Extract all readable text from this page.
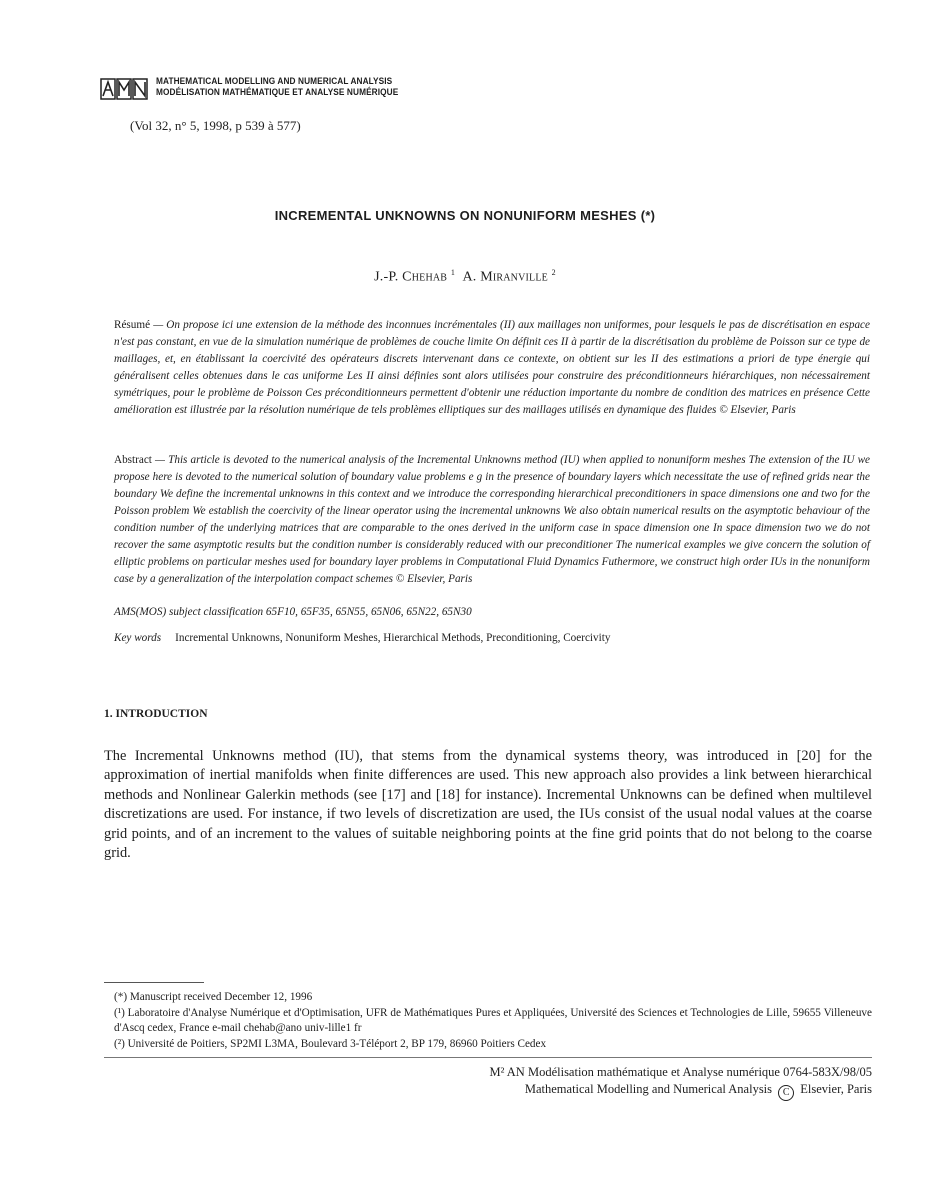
MATHEMATICAL MODELLING AND NUMERICAL ANALYSIS
MODÉLISATION MATHÉMATIQUE ET ANALYSE NUMÉRIQUE
(Vol 32, n° 5, 1998, p 539 à 577)
INCREMENTAL UNKNOWNS ON NONUNIFORM MESHES (*)
J.-P. Chehab $^1$ A. Miranville $^2$
Résumé — On propose ici une extension de la méthode des inconnues incrémentales (II) aux maillages non uniformes, pour lesquels le pas de discrétisation en espace n'est pas constant, en vue de la simulation numérique de problèmes de couche limite On définit ces II à partir de la discrétisation du problème de Poisson sur ce type de maillages, et, en établissant la coercivité des opérateurs discrets intervenant dans ce contexte, on obtient sur les II des estimations a priori de type énergie qui généralisent celles obtenues dans le cas uniforme Les II ainsi définies sont alors utilisées pour construire des préconditionneurs hiérarchiques, non nécessairement symétriques, pour le problème de Poisson Ces préconditionneurs permettent d'obtenir une réduction importante du nombre de condition des matrices en présence Cette amélioration est illustrée par la résolution numérique de tels problèmes elliptiques sur des maillages utilisés en dynamique des fluides © Elsevier, Paris
Abstract — This article is devoted to the numerical analysis of the Incremental Unknowns method (IU) when applied to nonuniform meshes The extension of the IU we propose here is devoted to the numerical solution of boundary value problems e g in the presence of boundary layers which necessitate the use of refined grids near the boundary We define the incremental unknowns in this context and we introduce the corresponding hierarchical preconditioners in space dimensions one and two for the Poisson problem We establish the coercivity of the linear operator using the incremental unknowns We also obtain numerical results on the asymptotic behaviour of the condition number of the underlying matrices that are comparable to the ones derived in the uniform case in space dimension one In space dimension two we do not recover the same asymptotic results but the condition number is considerably reduced with our preconditioner The numerical examples we give concern the solution of elliptic problems on particular meshes used for boundary layer problems in Computational Fluid Dynamics Futhermore, we construct high order IUs in the nonuniform case by a generalization of the interpolation compact schemes © Elsevier, Paris
AMS(MOS) subject classification 65F10, 65F35, 65N55, 65N06, 65N22, 65N30
Key words Incremental Unknowns, Nonuniform Meshes, Hierarchical Methods, Preconditioning, Coercivity
1. INTRODUCTION
The Incremental Unknowns method (IU), that stems from the dynamical systems theory, was introduced in [20] for the approximation of inertial manifolds when finite differences are used. This new approach also provides a link between hierarchical methods and Nonlinear Galerkin methods (see [17] and [18] for instance). Incremental Unknowns can be defined when multilevel discretizations are used. For instance, if two levels of discretization are used, the IUs consist of the usual nodal values at the coarse grid points, and of an increment to the values of suitable neighboring points at the fine grid points that do not belong to the coarse grid.
(*) Manuscript received December 12, 1996
(¹) Laboratoire d'Analyse Numérique et d'Optimisation, UFR de Mathématiques Pures et Appliquées, Université des Sciences et Technologies de Lille, 59655 Villeneuve d'Ascq cedex, France e-mail chehab@ano univ-lille1 fr
(²) Université de Poitiers, SP2MI L3MA, Boulevard 3-Téléport 2, BP 179, 86960 Poitiers Cedex
M² AN Modélisation mathématique et Analyse numérique 0764-583X/98/05
Mathematical Modelling and Numerical Analysis C Elsevier, Paris
